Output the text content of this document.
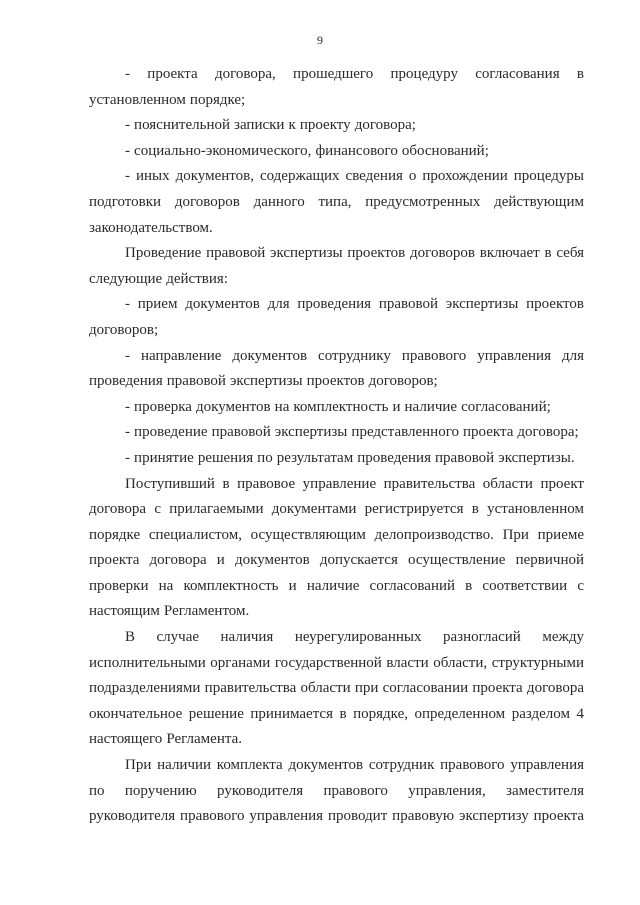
9

- проекта договора, прошедшего процедуру согласования в установленном порядке;

- пояснительной записки к проекту договора;

- социально-экономического, финансового обоснований;

- иных документов, содержащих сведения о прохождении процедуры подготовки договоров данного типа, предусмотренных действующим законодательством.

Проведение правовой экспертизы проектов договоров включает в себя следующие действия:

- прием документов для проведения правовой экспертизы проектов договоров;

- направление документов сотруднику правового управления для проведения правовой экспертизы проектов договоров;

- проверка документов на комплектность и наличие согласований;

- проведение правовой экспертизы представленного проекта договора;

- принятие решения по результатам проведения правовой экспертизы.

Поступивший в правовое управление правительства области проект договора с прилагаемыми документами регистрируется в установленном порядке специалистом, осуществляющим делопроизводство. При приеме проекта договора и документов допускается осуществление первичной проверки на комплектность и наличие согласований в соответствии с настоящим Регламентом.

В случае наличия неурегулированных разногласий между исполнительными органами государственной власти области, структурными подразделениями правительства области при согласовании проекта договора окончательное решение принимается в порядке, определенном разделом 4 настоящего Регламента.

При наличии комплекта документов сотрудник правового управления по поручению руководителя правового управления, заместителя руководителя правового управления проводит правовую экспертизу проекта
